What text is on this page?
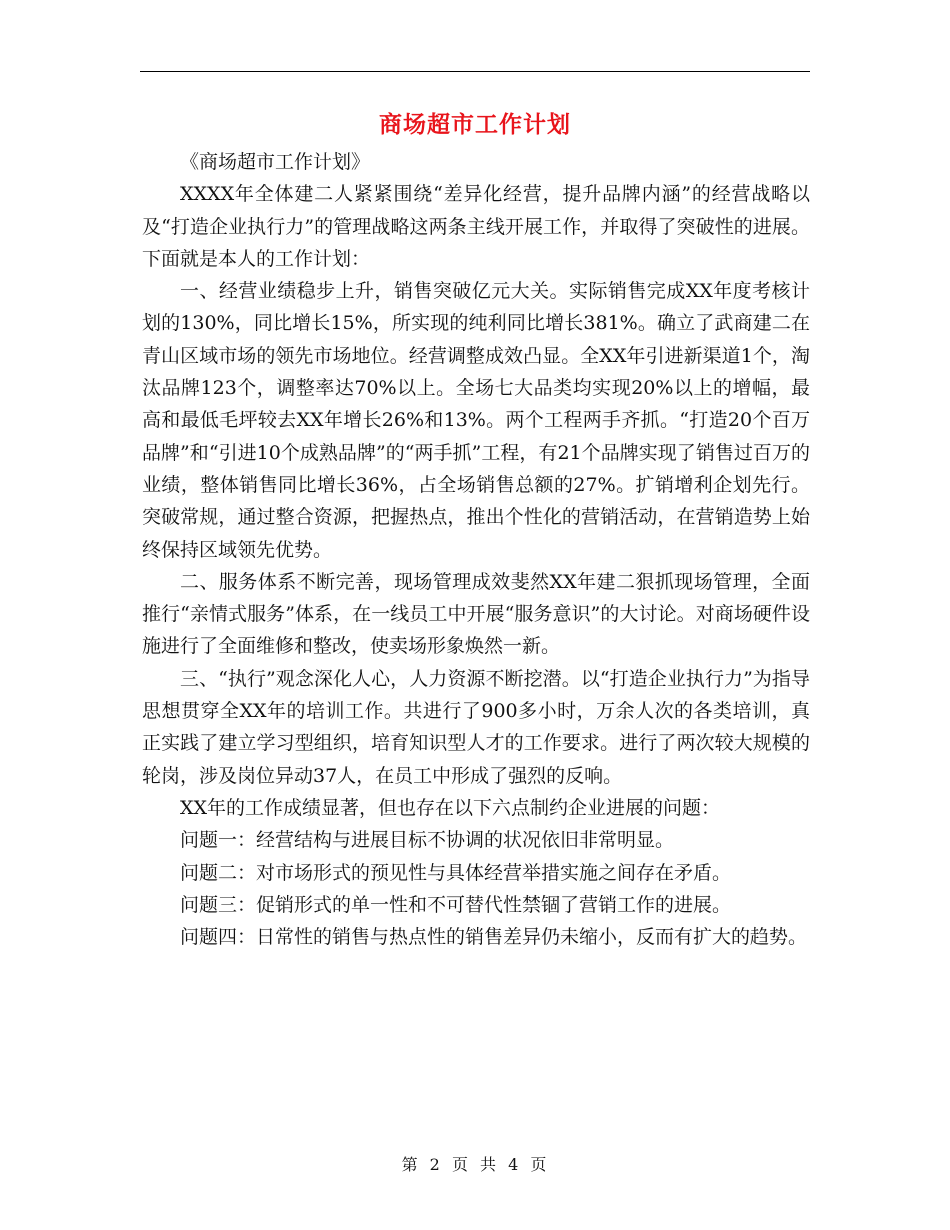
商场超市工作计划

《商场超市工作计划》

XXXX年全体建二人紧紧围绕“差异化经营，提升品牌内涵”的经营战略以及“打造企业执行力”的管理战略这两条主线开展工作，并取得了突破性的进展。下面就是本人的工作计划：

一、经营业绩稳步上升，销售突破亿元大关。实际销售完成XX年度考核计划的130%，同比增长15%，所实现的纯利同比增长381%。确立了武商建二在青山区域市场的领先市场地位。经营调整成效凸显。全XX年引进新渠道1个，淘汰品牌123个，调整率达70%以上。全场七大品类均实现20%以上的增幅，最高和最低毛坪较去XX年增长26%和13%。两个工程两手齐抓。“打造20个百万品牌”和“引进10个成熟品牌”的“两手抓”工程，有21个品牌实现了销售过百万的业绩，整体销售同比增长36%，占全场销售总额的27%。扩销增利企划先行。突破常规，通过整合资源，把握热点，推出个性化的营销活动，在营销造势上始终保持区域领先优势。

二、服务体系不断完善，现场管理成效斐然XX年建二狠抓现场管理，全面推行“亲情式服务”体系，在一线员工中开展“服务意识”的大讨论。对商场硬件设施进行了全面维修和整改，使卖场形象焕然一新。

三、“执行”观念深化人心，人力资源不断挖潜。以“打造企业执行力”为指导思想贯穿全XX年的培训工作。共进行了900多小时，万余人次的各类培训，真正实践了建立学习型组织，培育知识型人才的工作要求。进行了两次较大规模的轮岗，涉及岗位异动37人，在员工中形成了强烈的反响。

XX年的工作成绩显著，但也存在以下六点制约企业进展的问题：

问题一：经营结构与进展目标不协调的状况依旧非常明显。

问题二：对市场形式的预见性与具体经营举措实施之间存在矛盾。

问题三：促销形式的单一性和不可替代性禁锢了营销工作的进展。

问题四：日常性的销售与热点性的销售差异仍未缩小，反而有扩大的趋势。

第 2 页 共 4 页
